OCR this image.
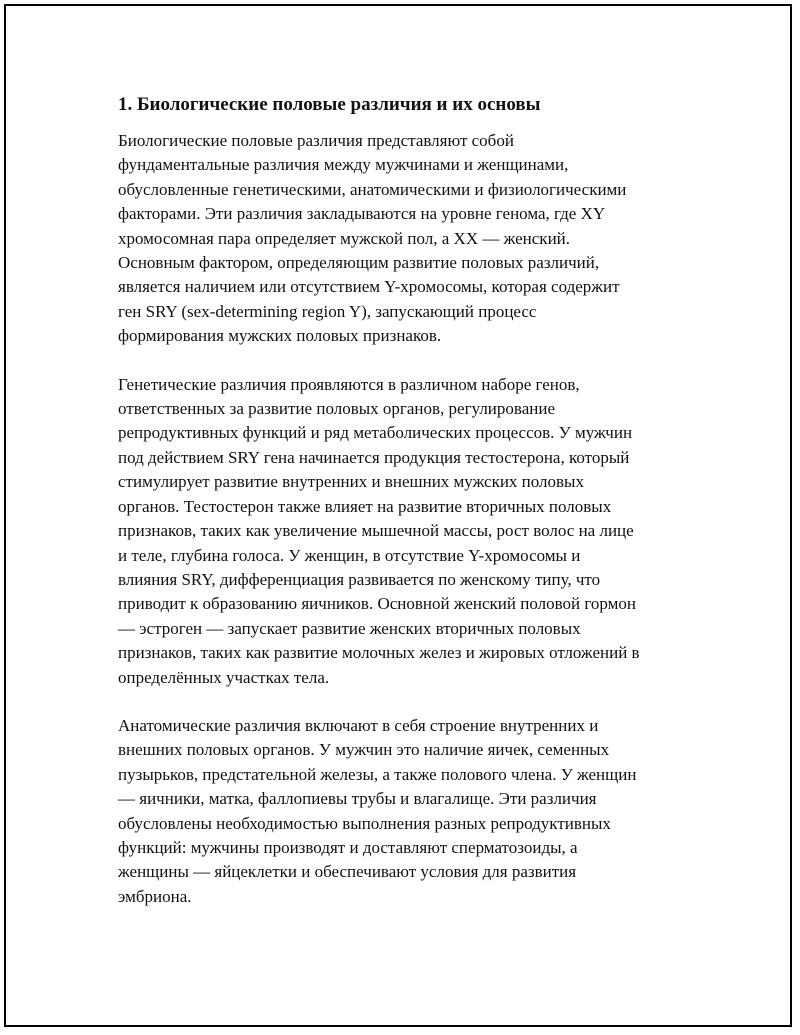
1. Биологические половые различия и их основы

Биологические половые различия представляют собой
фундаментальные различия между мужчинами и женщинами,
обусловленные генетическими, анатомическими и физиологическими
факторами. Эти различия закладываются на уровне генома, где XY
хромосомная пара определяет мужской пол, а XX — женский.
Основным фактором, определяющим развитие половых различий,
является наличием или отсутствием Y-хромосомы, которая содержит
ген SRY (sex-determining region Y), запускающий процесс
формирования мужских половых признаков.

Генетические различия проявляются в различном наборе генов,
ответственных за развитие половых органов, регулирование
репродуктивных функций и ряд метаболических процессов. У мужчин
под действием SRY гена начинается продукция тестостерона, который
стимулирует развитие внутренних и внешних мужских половых
органов. Тестостерон также влияет на развитие вторичных половых
признаков, таких как увеличение мышечной массы, рост волос на лице
и теле, глубина голоса. У женщин, в отсутствие Y-хромосомы и
влияния SRY, дифференциация развивается по женскому типу, что
приводит к образованию яичников. Основной женский половой гормон
— эстроген — запускает развитие женских вторичных половых
признаков, таких как развитие молочных желез и жировых отложений в
определённых участках тела.

Анатомические различия включают в себя строение внутренних и
внешних половых органов. У мужчин это наличие яичек, семенных
пузырьков, предстательной железы, а также полового члена. У женщин
— яичники, матка, фаллопиевы трубы и влагалище. Эти различия
обусловлены необходимостью выполнения разных репродуктивных
функций: мужчины производят и доставляют сперматозоиды, а
женщины — яйцеклетки и обеспечивают условия для развития
эмбриона.
